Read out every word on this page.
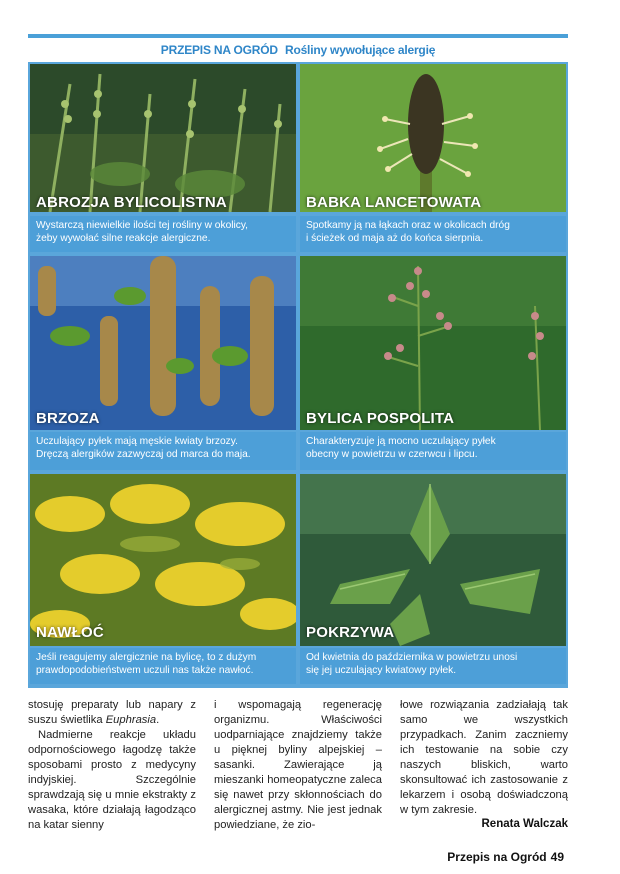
PRZEPIS NA OGRÓD Rośliny wywołujące alergię
ABROZJA BYLICOLISTNA
Wystarczą niewielkie ilości tej rośliny w okolicy,
żeby wywołać silne reakcje alergiczne.
BABKA LANCETOWATA
Spotkamy ją na łąkach oraz w okolicach dróg
i ścieżek od maja aż do końca sierpnia.
BRZOZA
Uczulający pyłek mają męskie kwiaty brzozy.
Dręczą alergików zazwyczaj od marca do maja.
BYLICA POSPOLITA
Charakteryzuje ją mocno uczulający pyłek
obecny w powietrzu w czerwcu i lipcu.
NAWŁOĆ
Jeśli reagujemy alergicznie na bylicę, to z dużym
prawdopodobieństwem uczuli nas także nawłoć.
POKRZYWA
Od kwietnia do października w powietrzu unosi
się jej uczulający kwiatowy pyłek.

stosuję preparaty lub napary z suszu świetlika Euphrasia.

Nadmierne reakcje układu odpornościowego łagodzę także sposobami prosto z medycyny indyjskiej. Szczególnie sprawdzają się u mnie ekstrakty z wasaka, które działają łagodząco na katar sienny

i wspomagają regenerację organizmu. Właściwości uodparniające znajdziemy także u pięknej byliny alpejskiej – sasanki. Zawierające ją mieszanki homeopatyczne zaleca się nawet przy skłonnościach do alergicznej astmy. Nie jest jednak powiedziane, że zio-

łowe rozwiązania zadziałają tak samo we wszystkich przypadkach. Zanim zaczniemy ich testowanie na sobie czy naszych bliskich, warto skonsultować ich zastosowanie z lekarzem i osobą doświadczoną w tym zakresie.

Renata Walczak
Przepis na Ogród 49
